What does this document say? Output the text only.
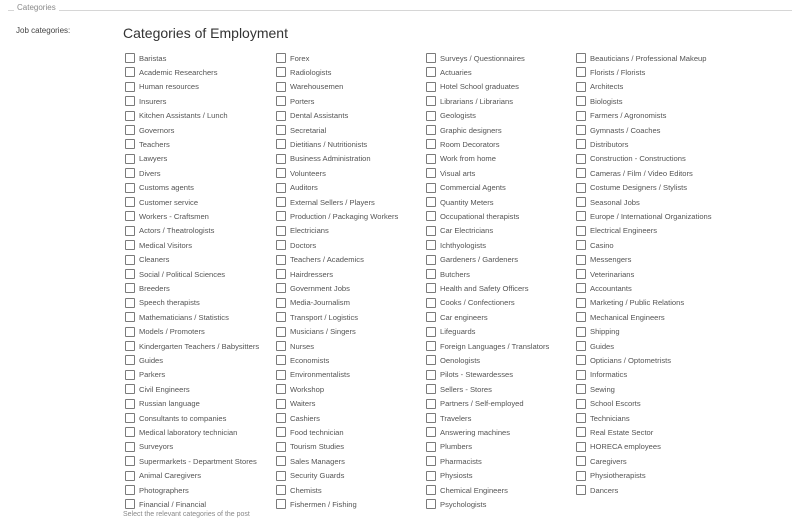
Categories
Job categories:	Categories of Employment
Baristas
Academic Researchers
Human resources
Insurers
Kitchen Assistants / Lunch
Governors
Teachers
Lawyers
Divers
Customs agents
Customer service
Workers - Craftsmen
Actors / Theatrologists
Medical Visitors
Cleaners
Social / Political Sciences
Breeders
Speech therapists
Mathematicians / Statistics
Models / Promoters
Kindergarten Teachers / Babysitters
Guides
Parkers
Civil Engineers
Russian language
Consultants to companies
Medical laboratory technician
Surveyors
Supermarkets - Department Stores
Animal Caregivers
Photographers
Financial / Financial
Forex
Radiologists
Warehousemen
Porters
Dental Assistants
Secretarial
Dietitians / Nutritionists
Business Administration
Volunteers
Auditors
External Sellers / Players
Production / Packaging Workers
Electricians
Doctors
Teachers / Academics
Hairdressers
Government Jobs
Media-Journalism
Transport / Logistics
Musicians / Singers
Nurses
Economists
Environmentalists
Workshop
Waiters
Cashiers
Food technician
Tourism Studies
Sales Managers
Security Guards
Chemists
Fishermen / Fishing
Surveys / Questionnaires
Actuaries
Hotel School graduates
Librarians / Librarians
Geologists
Graphic designers
Room Decorators
Work from home
Visual arts
Commercial Agents
Quantity Meters
Occupational therapists
Car Electricians
Ichthyologists
Gardeners / Gardeners
Butchers
Health and Safety Officers
Cooks / Confectioners
Car engineers
Lifeguards
Foreign Languages / Translators
Oenologists
Pilots - Stewardesses
Sellers - Stores
Partners / Self-employed
Travelers
Answering machines
Plumbers
Pharmacists
Physiosts
Chemical Engineers
Psychologists
Beauticians / Professional Makeup
Florists / Florists
Architects
Biologists
Farmers / Agronomists
Gymnasts / Coaches
Distributors
Construction - Constructions
Cameras / Film / Video Editors
Costume Designers / Stylists
Seasonal Jobs
Europe / International Organizations
Electrical Engineers
Casino
Messengers
Veterinarians
Accountants
Marketing / Public Relations
Mechanical Engineers
Shipping
Guides
Opticians / Optometrists
Informatics
Sewing
School Escorts
Technicians
Real Estate Sector
HORECA employees
Caregivers
Physiotherapists
Dancers
Select the relevant categories of the post
